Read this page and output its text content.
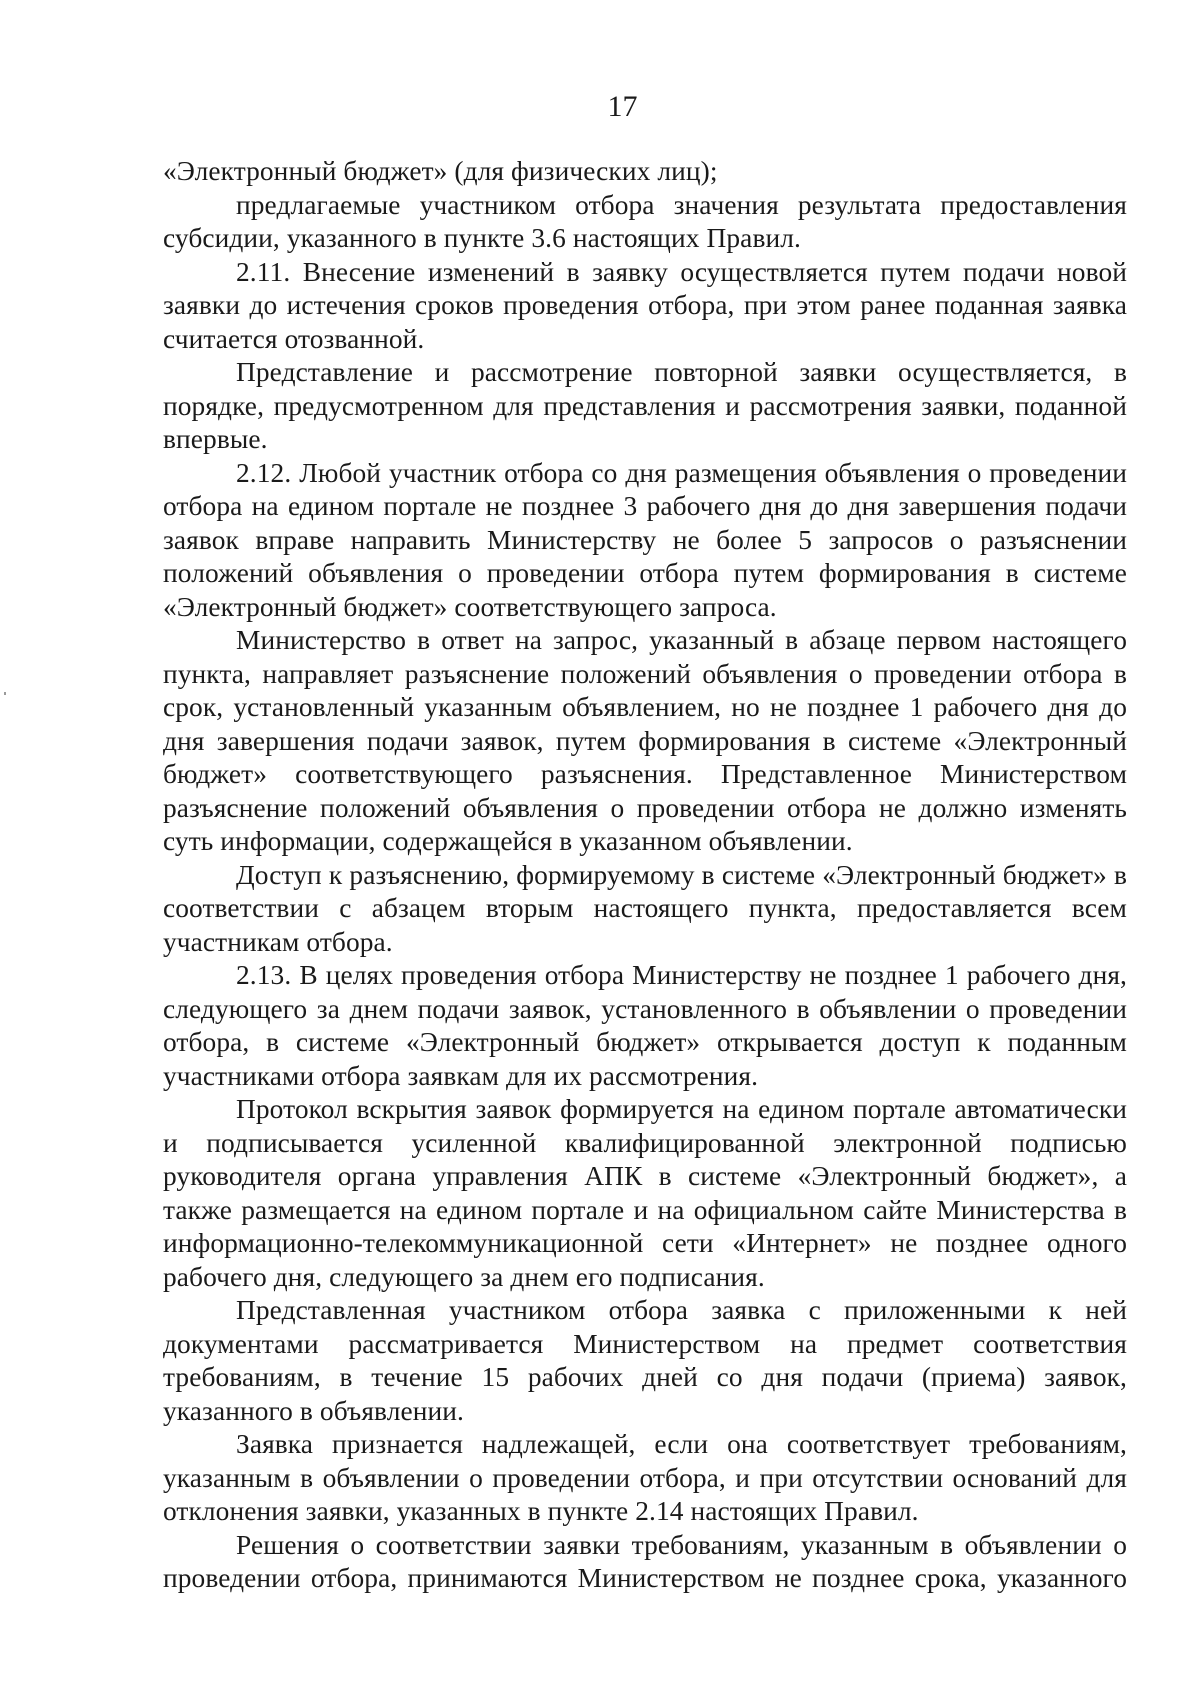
17

«Электронный бюджет» (для физических лиц);

предлагаемые участником отбора значения результата предоставления субсидии, указанного в пункте 3.6 настоящих Правил.

2.11. Внесение изменений в заявку осуществляется путем подачи новой заявки до истечения сроков проведения отбора, при этом ранее поданная заявка считается отозванной.

Представление и рассмотрение повторной заявки осуществляется, в порядке, предусмотренном для представления и рассмотрения заявки, поданной впервые.

2.12. Любой участник отбора со дня размещения объявления о проведении отбора на едином портале не позднее 3 рабочего дня до дня завершения подачи заявок вправе направить Министерству не более 5 запросов о разъяснении положений объявления о проведении отбора путем формирования в системе «Электронный бюджет» соответствующего запроса.

Министерство в ответ на запрос, указанный в абзаце первом настоящего пункта, направляет разъяснение положений объявления о проведении отбора в срок, установленный указанным объявлением, но не позднее 1 рабочего дня до дня завершения подачи заявок, путем формирования в системе «Электронный бюджет» соответствующего разъяснения. Представленное Министерством разъяснение положений объявления о проведении отбора не должно изменять суть информации, содержащейся в указанном объявлении.

Доступ к разъяснению, формируемому в системе «Электронный бюджет» в соответствии с абзацем вторым настоящего пункта, предоставляется всем участникам отбора.

2.13. В целях проведения отбора Министерству не позднее 1 рабочего дня, следующего за днем подачи заявок, установленного в объявлении о проведении отбора, в системе «Электронный бюджет» открывается доступ к поданным участниками отбора заявкам для их рассмотрения.

Протокол вскрытия заявок формируется на едином портале автоматически и подписывается усиленной квалифицированной электронной подписью руководителя органа управления АПК в системе «Электронный бюджет», а также размещается на едином портале и на официальном сайте Министерства в информационно-телекоммуникационной сети «Интернет» не позднее одного рабочего дня, следующего за днем его подписания.

Представленная участником отбора заявка с приложенными к ней документами рассматривается Министерством на предмет соответствия требованиям, в течение 15 рабочих дней со дня подачи (приема) заявок, указанного в объявлении.

Заявка признается надлежащей, если она соответствует требованиям, указанным в объявлении о проведении отбора, и при отсутствии оснований для отклонения заявки, указанных в пункте 2.14 настоящих Правил.

Решения о соответствии заявки требованиям, указанным в объявлении о проведении отбора, принимаются Министерством не позднее срока, указанного
